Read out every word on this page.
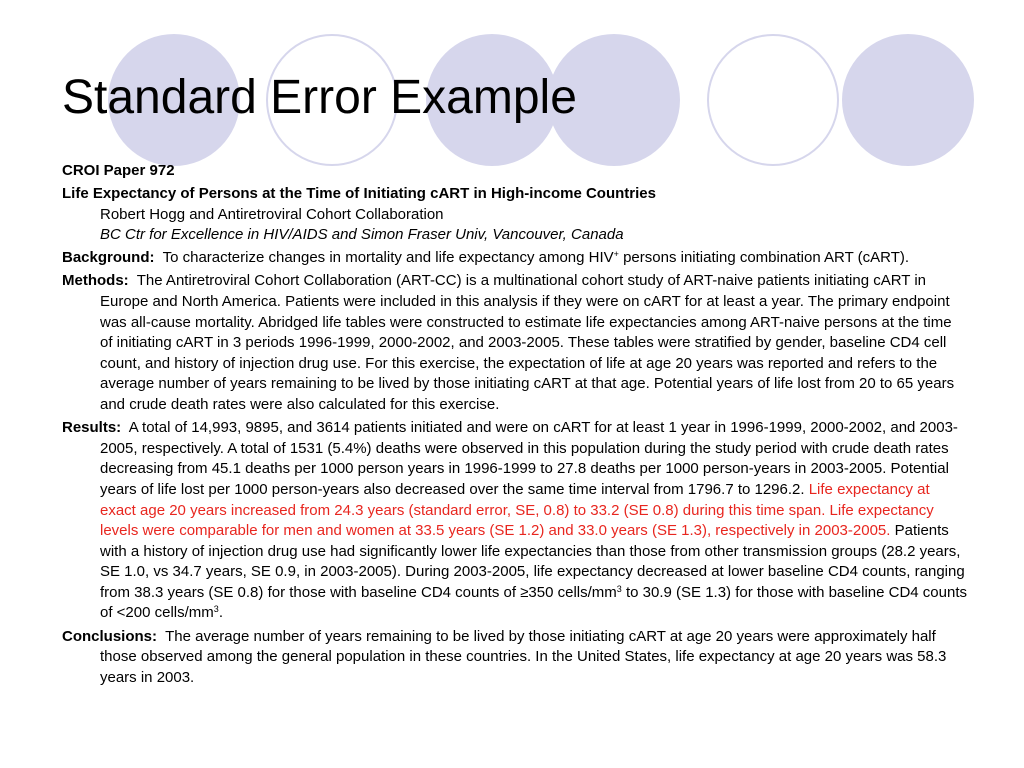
Standard Error Example

CROI Paper 972

Life Expectancy of Persons at the Time of Initiating cART in High-income Countries
Robert Hogg and Antiretroviral Cohort Collaboration
BC Ctr for Excellence in HIV/AIDS and Simon Fraser Univ, Vancouver, Canada

Background: To characterize changes in mortality and life expectancy among HIV+ persons initiating combination ART (cART).

Methods: The Antiretroviral Cohort Collaboration (ART-CC) is a multinational cohort study of ART-naive patients initiating cART in Europe and North America. Patients were included in this analysis if they were on cART for at least a year. The primary endpoint was all-cause mortality. Abridged life tables were constructed to estimate life expectancies among ART-naive persons at the time of initiating cART in 3 periods 1996-1999, 2000-2002, and 2003-2005. These tables were stratified by gender, baseline CD4 cell count, and history of injection drug use. For this exercise, the expectation of life at age 20 years was reported and refers to the average number of years remaining to be lived by those initiating cART at that age. Potential years of life lost from 20 to 65 years and crude death rates were also calculated for this exercise.

Results: A total of 14,993, 9895, and 3614 patients initiated and were on cART for at least 1 year in 1996-1999, 2000-2002, and 2003-2005, respectively. A total of 1531 (5.4%) deaths were observed in this population during the study period with crude death rates decreasing from 45.1 deaths per 1000 person years in 1996-1999 to 27.8 deaths per 1000 person-years in 2003-2005. Potential years of life lost per 1000 person-years also decreased over the same time interval from 1796.7 to 1296.2. Life expectancy at exact age 20 years increased from 24.3 years (standard error, SE, 0.8) to 33.2 (SE 0.8) during this time span. Life expectancy levels were comparable for men and women at 33.5 years (SE 1.2) and 33.0 years (SE 1.3), respectively in 2003-2005. Patients with a history of injection drug use had significantly lower life expectancies than those from other transmission groups (28.2 years, SE 1.0, vs 34.7 years, SE 0.9, in 2003-2005). During 2003-2005, life expectancy decreased at lower baseline CD4 counts, ranging from 38.3 years (SE 0.8) for those with baseline CD4 counts of ≥350 cells/$mm^3$ to 30.9 (SE 1.3) for those with baseline CD4 counts of <200 cells/$mm^3$.

Conclusions: The average number of years remaining to be lived by those initiating cART at age 20 years were approximately half those observed among the general population in these countries. In the United States, life expectancy at age 20 years was 58.3 years in 2003.
